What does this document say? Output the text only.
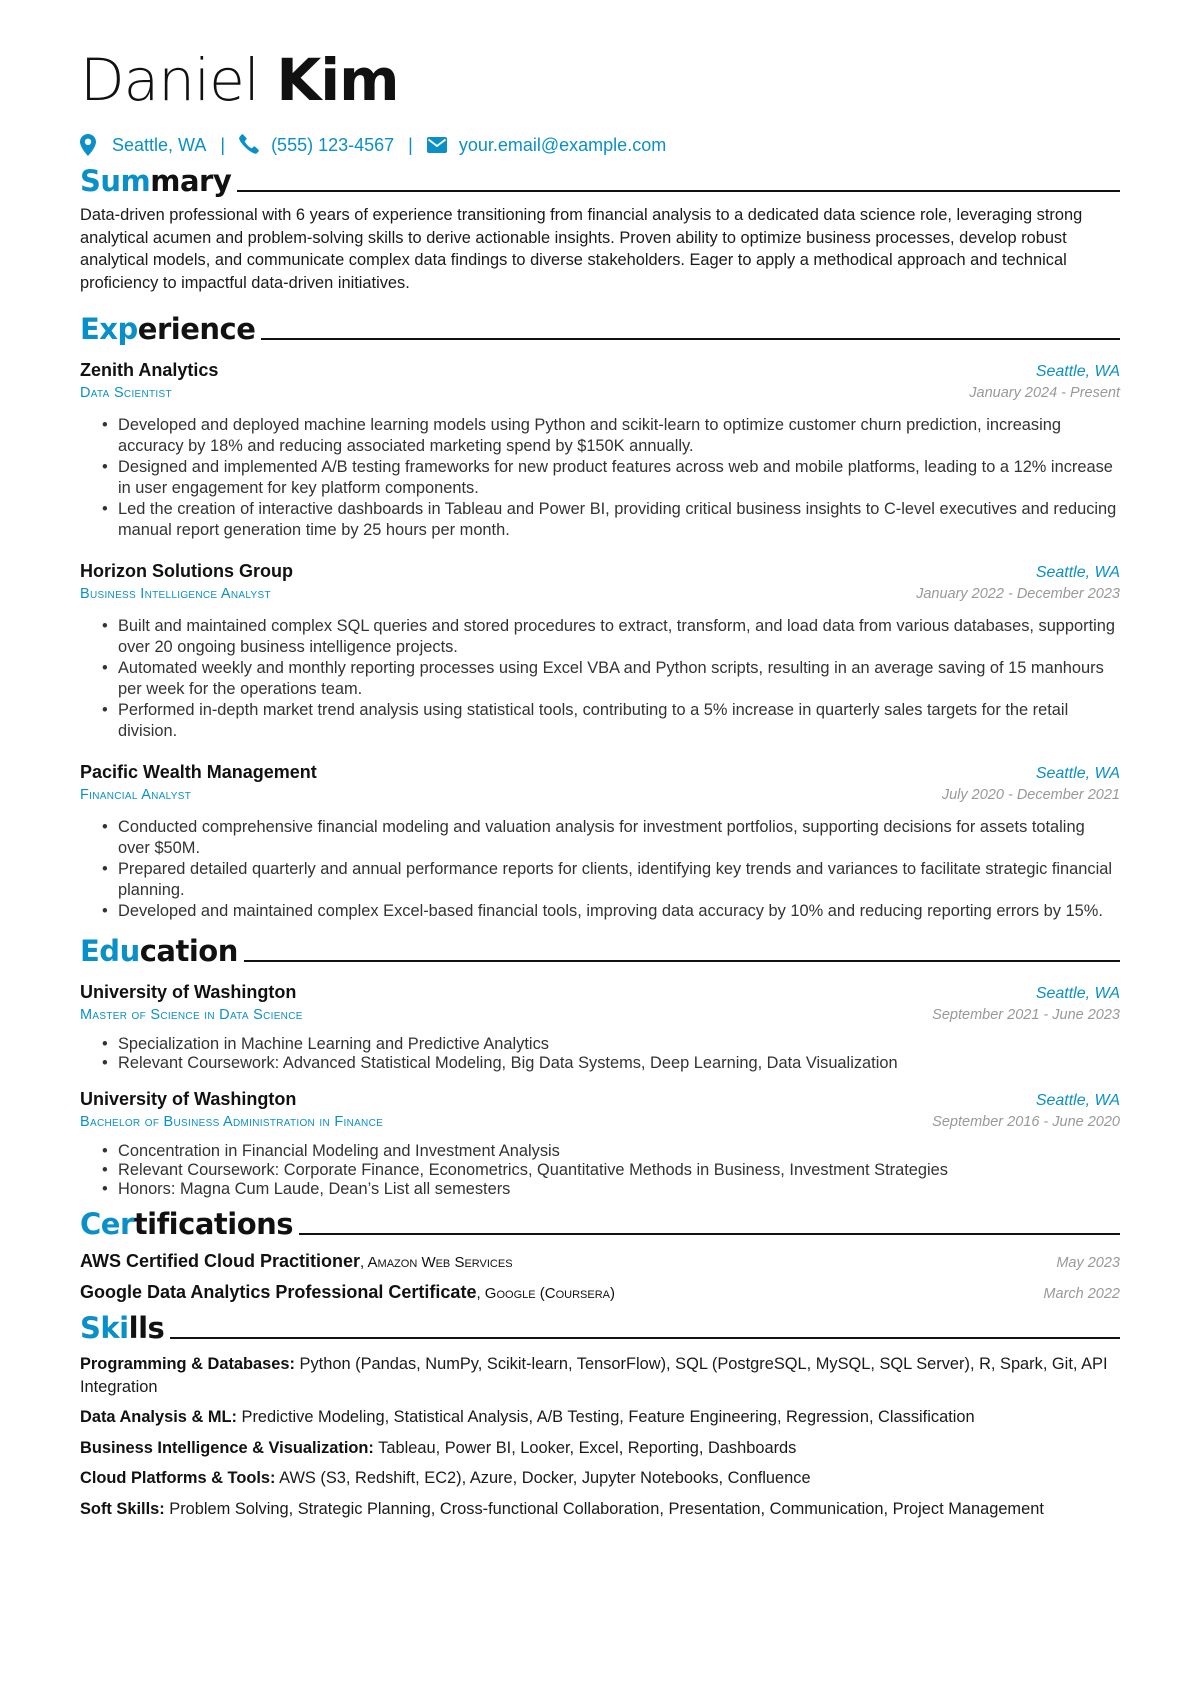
Daniel Kim
Seattle, WA |	(555) 123-4567 |	your.email@example.com
Summary

Data-driven professional with 6 years of experience transitioning from financial analysis to a dedicated data science role, leveraging strong analytical acumen and problem-solving skills to derive actionable insights. Proven ability to optimize business processes, develop robust analytical models, and communicate complex data findings to diverse stakeholders. Eager to apply a methodical approach and technical proficiency to impactful data-driven initiatives.

Experience
Zenith Analytics	Seattle, WA
Data Scientist	January 2024 - Present
• Developed and deployed machine learning models using Python and scikit-learn to optimize customer churn prediction, increasing accuracy by 18% and reducing associated marketing spend by $150K annually.
• Designed and implemented A/B testing frameworks for new product features across web and mobile platforms, leading to a 12% increase in user engagement for key platform components.
• Led the creation of interactive dashboards in Tableau and Power BI, providing critical business insights to C-level executives and reducing manual report generation time by 25 hours per month.
Horizon Solutions Group	Seattle, WA
Business Intelligence Analyst	January 2022 - December 2023
• Built and maintained complex SQL queries and stored procedures to extract, transform, and load data from various databases, supporting over 20 ongoing business intelligence projects.
• Automated weekly and monthly reporting processes using Excel VBA and Python scripts, resulting in an average saving of 15 manhours per week for the operations team.
• Performed in-depth market trend analysis using statistical tools, contributing to a 5% increase in quarterly sales targets for the retail division.
Pacific Wealth Management	Seattle, WA
Financial Analyst	July 2020 - December 2021
• Conducted comprehensive financial modeling and valuation analysis for investment portfolios, supporting decisions for assets totaling over $50M.
• Prepared detailed quarterly and annual performance reports for clients, identifying key trends and variances to facilitate strategic financial planning.
• Developed and maintained complex Excel-based financial tools, improving data accuracy by 10% and reducing reporting errors by 15%.
Education
University of Washington	Seattle, WA
Master of Science in Data Science	September 2021 - June 2023
• Specialization in Machine Learning and Predictive Analytics
• Relevant Coursework: Advanced Statistical Modeling, Big Data Systems, Deep Learning, Data Visualization
University of Washington	Seattle, WA
Bachelor of Business Administration in Finance	September 2016 - June 2020
• Concentration in Financial Modeling and Investment Analysis
• Relevant Coursework: Corporate Finance, Econometrics, Quantitative Methods in Business, Investment Strategies
• Honors: Magna Cum Laude, Dean’s List all semesters
Certifications
AWS Certified Cloud Practitioner, Amazon Web Services	May 2023
Google Data Analytics Professional Certificate, Google (Coursera)	March 2022
Skills

Programming & Databases: Python (Pandas, NumPy, Scikit-learn, TensorFlow), SQL (PostgreSQL, MySQL, SQL Server), R, Spark, Git, API Integration

Data Analysis & ML: Predictive Modeling, Statistical Analysis, A/B Testing, Feature Engineering, Regression, Classification

Business Intelligence & Visualization: Tableau, Power BI, Looker, Excel, Reporting, Dashboards

Cloud Platforms & Tools: AWS (S3, Redshift, EC2), Azure, Docker, Jupyter Notebooks, Confluence

Soft Skills: Problem Solving, Strategic Planning, Cross-functional Collaboration, Presentation, Communication, Project Management
